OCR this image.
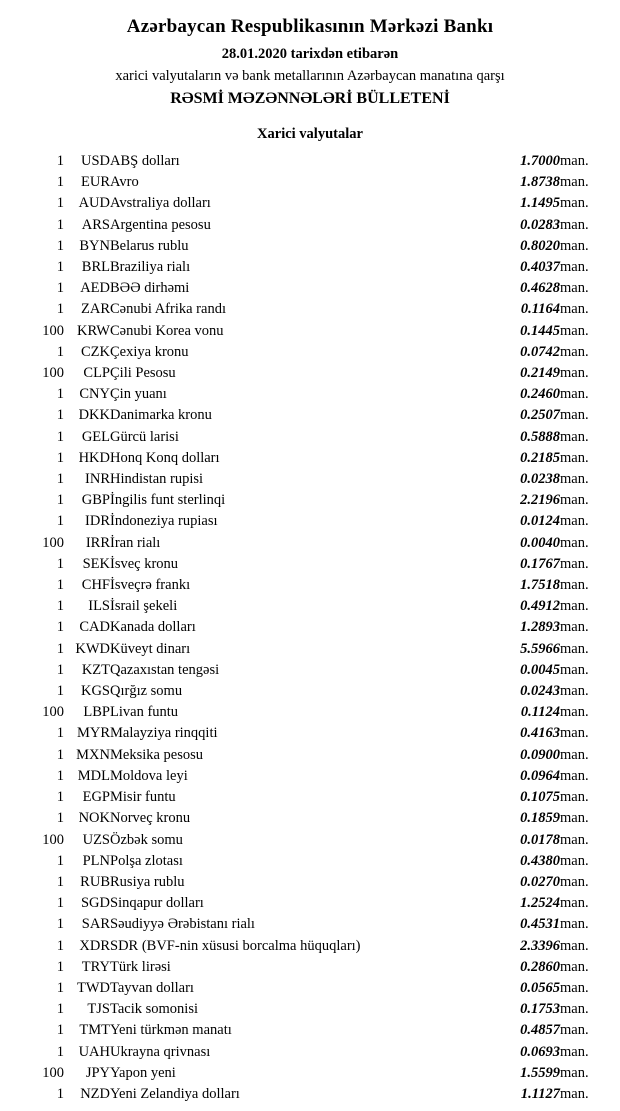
Azərbaycan Respublikasının Mərkəzi Bankı
28.01.2020 tarixdən etibarən
xarici valyutaların və bank metallarının Azərbaycan manatına qarşı
RƏSMİ MƏZƏNNƏLƏRİ BÜLLETENİ
Xarici valyutalar
1	USD	ABŞ dolları	1.7000	man.
1	EUR	Avro	1.8738	man.
1	AUD	Avstraliya dolları	1.1495	man.
1	ARS	Argentina pesosu	0.0283	man.
1	BYN	Belarus rublu	0.8020	man.
1	BRL	Braziliya rialı	0.4037	man.
1	AED	BƏƏ dirhəmi	0.4628	man.
1	ZAR	Cənubi Afrika randı	0.1164	man.
100	KRW	Cənubi Korea vonu	0.1445	man.
1	CZK	Çexiya kronu	0.0742	man.
100	CLP	Çili Pesosu	0.2149	man.
1	CNY	Çin yuanı	0.2460	man.
1	DKK	Danimarka kronu	0.2507	man.
1	GEL	Gürcü larisi	0.5888	man.
1	HKD	Honq Konq dolları	0.2185	man.
1	INR	Hindistan rupisi	0.0238	man.
1	GBP	İngilis funt sterlinqi	2.2196	man.
1	IDR	İndoneziya rupiası	0.0124	man.
100	IRR	İran rialı	0.0040	man.
1	SEK	İsveç kronu	0.1767	man.
1	CHF	İsveçrə frankı	1.7518	man.
1	ILS	İsrail şekeli	0.4912	man.
1	CAD	Kanada dolları	1.2893	man.
1	KWD	Küveyt dinarı	5.5966	man.
1	KZT	Qazaxıstan tengəsi	0.0045	man.
1	KGS	Qırğız somu	0.0243	man.
100	LBP	Livan funtu	0.1124	man.
1	MYR	Malayziya rinqqiti	0.4163	man.
1	MXN	Meksika pesosu	0.0900	man.
1	MDL	Moldova leyi	0.0964	man.
1	EGP	Misir funtu	0.1075	man.
1	NOK	Norveç kronu	0.1859	man.
100	UZS	Özbək somu	0.0178	man.
1	PLN	Polşa zlotası	0.4380	man.
1	RUB	Rusiya rublu	0.0270	man.
1	SGD	Sinqapur dolları	1.2524	man.
1	SAR	Səudiyyə Ərəbistanı rialı	0.4531	man.
1	XDR	SDR (BVF-nin xüsusi borcalma hüquqları)	2.3396	man.
1	TRY	Türk lirəsi	0.2860	man.
1	TWD	Tayvan dolları	0.0565	man.
1	TJS	Tacik somonisi	0.1753	man.
1	TMT	Yeni türkmən manatı	0.4857	man.
1	UAH	Ukrayna qrivnası	0.0693	man.
100	JPY	Yapon yeni	1.5599	man.
1	NZD	Yeni Zelandiya dolları	1.1127	man.
